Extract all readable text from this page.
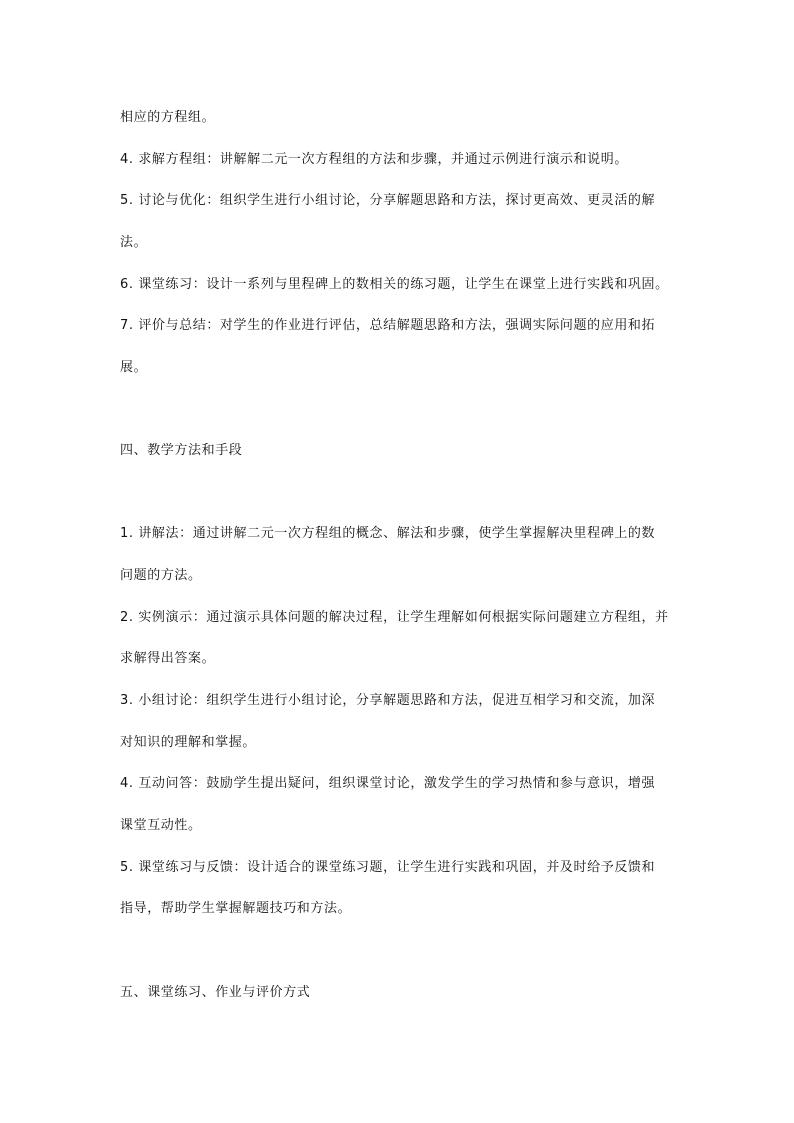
相应的方程组。
4. 求解方程组：讲解解二元一次方程组的方法和步骤，并通过示例进行演示和说明。
5. 讨论与优化：组织学生进行小组讨论，分享解题思路和方法，探讨更高效、更灵活的解
法。
6. 课堂练习：设计一系列与里程碑上的数相关的练习题，让学生在课堂上进行实践和巩固。
7. 评价与总结：对学生的作业进行评估，总结解题思路和方法，强调实际问题的应用和拓
展。
四、教学方法和手段
1. 讲解法：通过讲解二元一次方程组的概念、解法和步骤，使学生掌握解决里程碑上的数
问题的方法。
2. 实例演示：通过演示具体问题的解决过程，让学生理解如何根据实际问题建立方程组，并
求解得出答案。
3. 小组讨论：组织学生进行小组讨论，分享解题思路和方法，促进互相学习和交流，加深
对知识的理解和掌握。
4. 互动问答：鼓励学生提出疑问，组织课堂讨论，激发学生的学习热情和参与意识，增强
课堂互动性。
5. 课堂练习与反馈：设计适合的课堂练习题，让学生进行实践和巩固，并及时给予反馈和
指导，帮助学生掌握解题技巧和方法。
五、课堂练习、作业与评价方式
